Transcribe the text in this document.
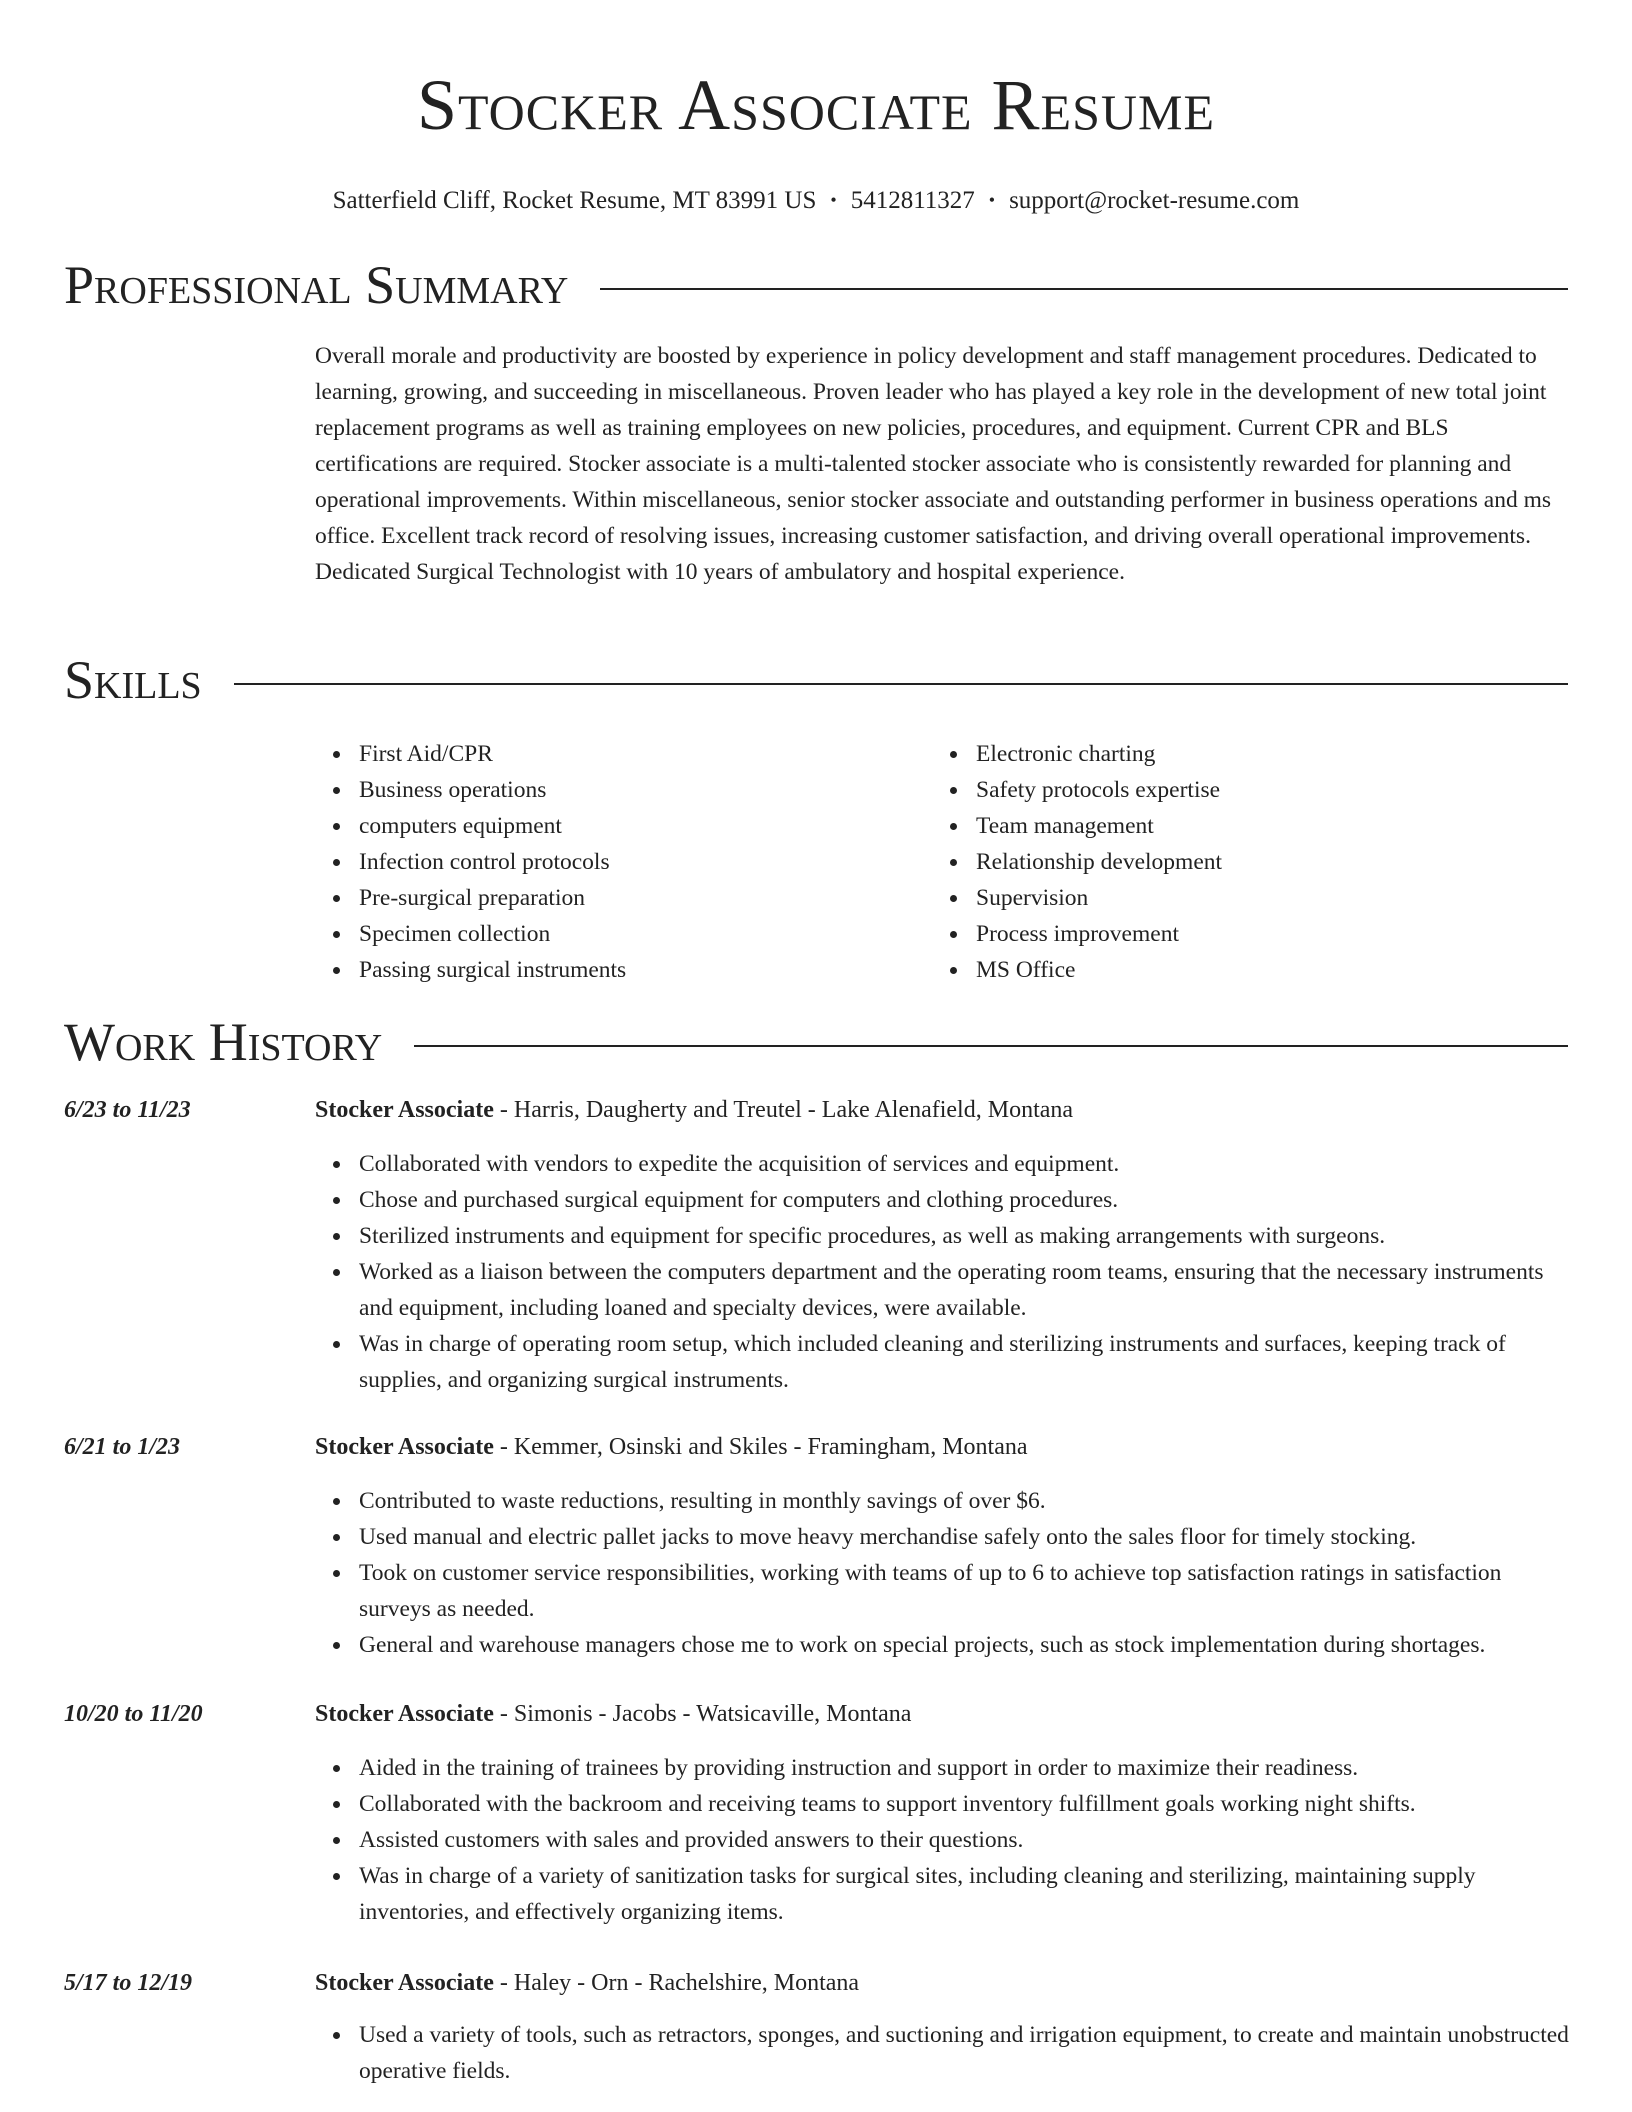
Stocker Associate Resume
Satterfield Cliff, Rocket Resume, MT 83991 US • 5412811327 • support@rocket-resume.com
Professional Summary

Overall morale and productivity are boosted by experience in policy development and staff management procedures. Dedicated to learning, growing, and succeeding in miscellaneous. Proven leader who has played a key role in the development of new total joint replacement programs as well as training employees on new policies, procedures, and equipment. Current CPR and BLS certifications are required. Stocker associate is a multi-talented stocker associate who is consistently rewarded for planning and operational improvements. Within miscellaneous, senior stocker associate and outstanding performer in business operations and ms office. Excellent track record of resolving issues, increasing customer satisfaction, and driving overall operational improvements. Dedicated Surgical Technologist with 10 years of ambulatory and hospital experience.

Skills
First Aid/CPR
Business operations
computers equipment
Infection control protocols
Pre-surgical preparation
Specimen collection
Passing surgical instruments
Electronic charting
Safety protocols expertise
Team management
Relationship development
Supervision
Process improvement
MS Office
Work History
6/23 to 11/23	Stocker Associate - Harris, Daugherty and Treutel - Lake Alenafield, Montana
Collaborated with vendors to expedite the acquisition of services and equipment.
Chose and purchased surgical equipment for computers and clothing procedures.
Sterilized instruments and equipment for specific procedures, as well as making arrangements with surgeons.
Worked as a liaison between the computers department and the operating room teams, ensuring that the necessary instruments and equipment, including loaned and specialty devices, were available.
Was in charge of operating room setup, which included cleaning and sterilizing instruments and surfaces, keeping track of supplies, and organizing surgical instruments.
6/21 to 1/23	Stocker Associate - Kemmer, Osinski and Skiles - Framingham, Montana
Contributed to waste reductions, resulting in monthly savings of over $6.
Used manual and electric pallet jacks to move heavy merchandise safely onto the sales floor for timely stocking.
Took on customer service responsibilities, working with teams of up to 6 to achieve top satisfaction ratings in satisfaction surveys as needed.
General and warehouse managers chose me to work on special projects, such as stock implementation during shortages.
10/20 to 11/20	Stocker Associate - Simonis - Jacobs - Watsicaville, Montana
Aided in the training of trainees by providing instruction and support in order to maximize their readiness.
Collaborated with the backroom and receiving teams to support inventory fulfillment goals working night shifts.
Assisted customers with sales and provided answers to their questions.
Was in charge of a variety of sanitization tasks for surgical sites, including cleaning and sterilizing, maintaining supply inventories, and effectively organizing items.
5/17 to 12/19	Stocker Associate - Haley - Orn - Rachelshire, Montana
Used a variety of tools, such as retractors, sponges, and suctioning and irrigation equipment, to create and maintain unobstructed operative fields.
